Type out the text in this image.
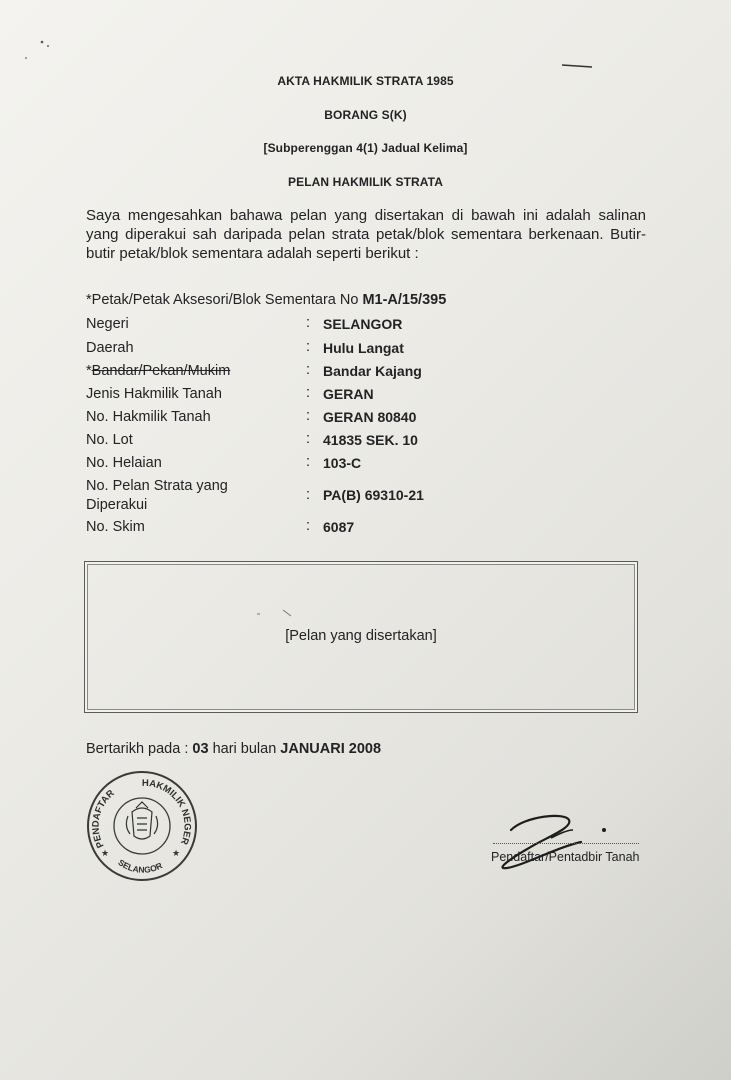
AKTA HAKMILIK STRATA 1985
BORANG S(K)
[Subperenggan 4(1) Jadual Kelima]
PELAN HAKMILIK STRATA
Saya mengesahkan bahawa pelan yang disertakan di bawah ini adalah salinan yang diperakui sah daripada pelan strata petak/blok sementara berkenaan. Butir-butir petak/blok sementara adalah seperti berikut :
*Petak/Petak Aksesori/Blok Sementara No M1-A/15/395
Negeri	: SELANGOR
Daerah	: Hulu Langat
*Bandar/Pekan/Mukim	: Bandar Kajang
Jenis Hakmilik Tanah	: GERAN
No. Hakmilik Tanah	: GERAN 80840
No. Lot	: 41835 SEK. 10
No. Helaian	: 103-C
No. Pelan Strata yang
Diperakui
: PA(B) 69310-21
No. Skim	: 6087
[Pelan yang disertakan]
Bertarikh pada : 03 hari bulan JANUARI 2008
PENDAFTAR
HAKMILIK NEGER
SELANGOR
★	★	Pendaftar/Pentadbir Tanah
